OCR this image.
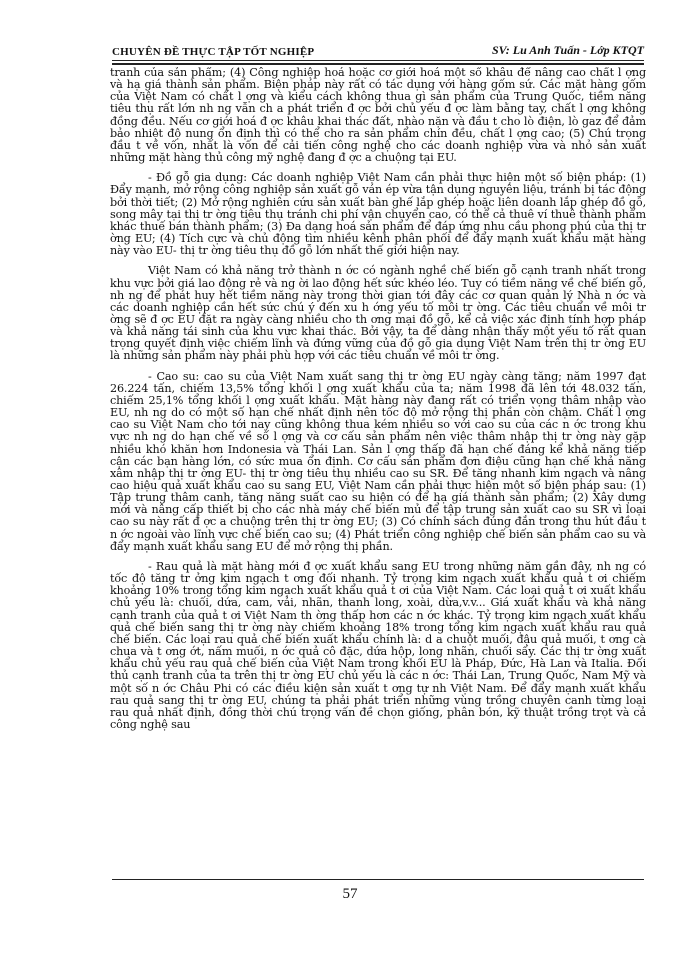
CHUYÊN ĐỀ THỰC TẬP TỐT NGHIỆP	SV: Lu Anh Tuấn - Lớp KTQT

tranh của sản phẩm; (4) Công nghiệp hoá hoặc cơ giới hoá một số khâu để nâng cao chất l ợng và hạ giá thành sản phẩm. Biện pháp này rất có tác dụng với hàng gốm sứ. Các mặt hàng gốm của Việt Nam có chất l ợng và kiểu cách không thua gì sản phẩm của Trung Quốc, tiềm năng tiêu thụ rất lớn nh ng vẫn ch a phát triển đ ợc bởi chủ yếu đ ợc làm bằng tay, chất l ợng không đồng đều. Nếu cơ giới hoá đ ợc khâu khai thác đất, nhào nặn và đầu t cho lò điện, lò gaz để đảm bảo nhiệt độ nung ổn định thì có thể cho ra sản phẩm chín đều, chất l ợng cao; (5) Chú trọng đầu t về vốn, nhất là vốn để cải tiến công nghệ cho các doanh nghiệp vừa và nhỏ sản xuất những mặt hàng thủ công mỹ nghệ đang đ ợc a chuộng tại EU.

- Đồ gỗ gia dụng: Các doanh nghiệp Việt Nam cần phải thực hiện một số biện pháp: (1) Đẩy mạnh, mở rộng công nghiệp sản xuất gỗ ván ép vừa tận dụng nguyên liệu, tránh bị tác động bởi thời tiết; (2) Mở rộng nghiên cứu sản xuất bàn ghế lắp ghép hoặc liên doanh lắp ghép đồ gỗ, song mây tại thị tr ờng tiêu thụ tránh chi phí vận chuyển cao, có thể cả thuê ví thuê thành phẩm khác thuế bán thành phẩm; (3) Đa dạng hoá sản phẩm để đáp ứng nhu cầu phong phú của thị tr ờng EU; (4) Tích cực và chủ động tìm nhiều kênh phân phối để đẩy mạnh xuất khẩu mặt hàng này vào EU- thị tr ờng tiêu thụ đồ gỗ lớn nhất thế giới hiện nay.

Việt Nam có khả năng trở thành n ớc có ngành nghề chế biến gỗ cạnh tranh nhất trong khu vực bởi giá lao động rẻ và ng ời lao động hết sức khéo léo. Tuy có tiềm năng về chế biến gỗ, nh ng để phát huy hết tiềm năng này trong thời gian tới đây các cơ quan quản lý Nhà n ớc và các doanh nghiệp cần hết sức chú ý đến xu h ớng yếu tố môi tr ờng. Các tiêu chuẩn về môi tr ờng sẽ đ ợc EU đặt ra ngày càng nhiều cho th ơng mại đồ gỗ, kể cả việc xác định tính hợp pháp và khả năng tái sinh của khu vực khai thác. Bởi vậy, ta để dàng nhận thấy một yếu tố rất quan trọng quyết định việc chiếm lĩnh và đứng vững của đồ gỗ gia dụng Việt Nam trên thị tr ờng EU là những sản phẩm này phải phù hợp với các tiêu chuẩn về môi tr ờng.

- Cao su: cao su của Việt Nam xuất sang thị tr ờng EU ngày càng tăng; năm 1997 đạt 26.224 tấn, chiếm 13,5% tổng khối l ợng xuất khẩu của ta; năm 1998 đã lên tới 48.032 tấn, chiếm 25,1% tổng khối l ợng xuất khẩu. Mặt hàng này đang rất có triển vọng thâm nhập vào EU, nh ng do có một số hạn chế nhất định nên tốc độ mở rộng thị phần còn chậm. Chất l ợng cao su Việt Nam cho tới nay cũng không thua kém nhiều so với cao su của các n ớc trong khu vực nh ng do hạn chế về số l ợng và cơ cấu sản phẩm nên việc thâm nhập thị tr ờng này gặp nhiều khó khăn hơn Indonesia và Thái Lan. Sản l ợng thấp đã hạn chế đáng kể khả năng tiếp cận các bạn hàng lớn, có sức mua ổn định. Cơ cấu sản phẩm đơn điệu cũng hạn chế khả năng xâm nhập thị tr ờng EU- thị tr ờng tiêu thụ nhiều cao su SR. Để tăng nhanh kim ngạch và nâng cao hiệu quả xuất khẩu cao su sang EU, Việt Nam cần phải thực hiện một số biện pháp sau: (1) Tập trung thâm canh, tăng năng suất cao su hiện có để hạ giá thành sản phẩm; (2) Xây dựng mới và nâng cấp thiết bị cho các nhà máy chế biến mủ để tập trung sản xuất cao su SR vì loại cao su này rất đ ợc a chuộng trên thị tr ờng EU; (3) Có chính sách đúng đắn trong thu hút đầu t n ớc ngoài vào lĩnh vực chế biến cao su; (4) Phát triển công nghiệp chế biến sản phẩm cao su và đẩy mạnh xuất khẩu sang EU để mở rộng thị phần.

- Rau quả là mặt hàng mới đ ợc xuất khẩu sang EU trong những năm gần đây, nh ng có tốc độ tăng tr ởng kim ngạch t ơng đối nhanh. Tỷ trọng kim ngạch xuất khẩu quả t ơi chiếm khoảng 10% trong tổng kim ngạch xuất khẩu quả t ơi của Việt Nam. Các loại quả t ơi xuất khẩu chủ yếu là: chuối, dứa, cam, vải, nhãn, thanh long, xoài, dừa,v.v... Giá xuất khẩu và khả năng cạnh tranh của quả t ơi Việt Nam th ờng thấp hơn các n ớc khác. Tỷ trọng kim ngạch xuất khẩu quả chế biến sang thị tr ờng này chiếm khoảng 18% trong tổng kim ngạch xuất khẩu rau quả chế biến. Các loại rau quả chế biến xuất khẩu chính là: d a chuột muối, đậu quả muối, t ơng cà chua và t ơng ớt, nấm muối, n ớc quả cô đặc, dứa hộp, long nhãn, chuối sấy. Các thị tr ờng xuất khẩu chủ yếu rau quả chế biến của Việt Nam trong khối EU là Pháp, Đức, Hà Lan và Italia. Đối thủ cạnh tranh của ta trên thị tr ờng EU chủ yếu là các n ớc: Thái Lan, Trung Quốc, Nam Mỹ và một số n ớc Châu Phi có các điều kiện sản xuất t ơng tự nh Việt Nam. Để đẩy mạnh xuất khẩu rau quả sang thị tr ờng EU, chúng ta phải phát triển những vùng trồng chuyên canh từng loại rau quả nhất định, đồng thời chú trọng vấn đề chọn giống, phân bón, kỹ thuật trồng trọt và cả công nghệ sau

57
